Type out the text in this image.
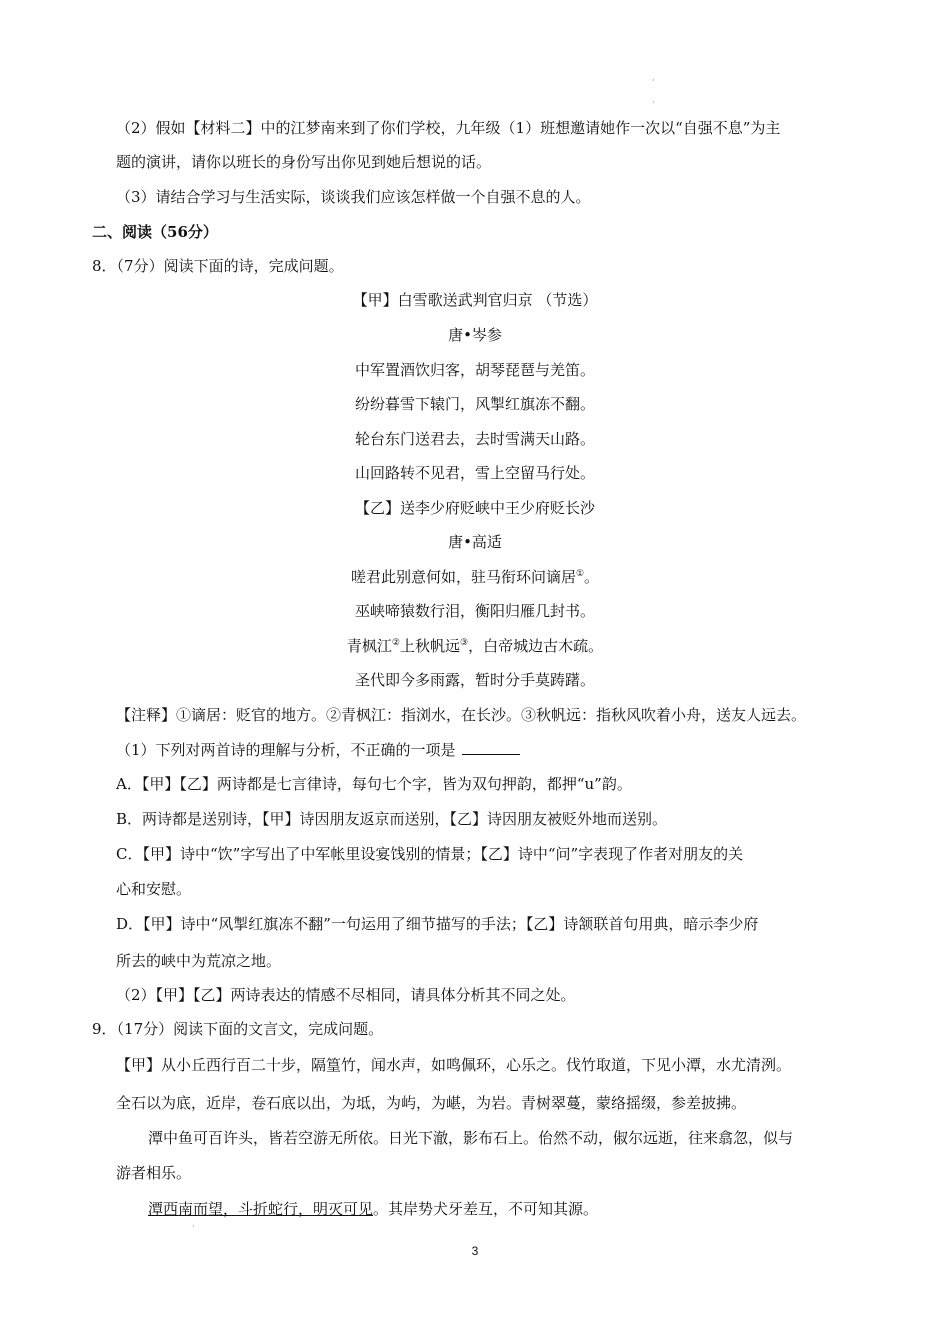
·
·
（2）假如【材料二】中的江梦南来到了你们学校，九年级（1）班想邀请她作一次以“自强不息”为主
题的演讲，请你以班长的身份写出你见到她后想说的话。
（3）请结合学习与生活实际，谈谈我们应该怎样做一个自强不息的人。
二、阅读（56分）
8．（7分）阅读下面的诗，完成问题。
【甲】白雪歌送武判官归京 （节选）
唐•岑参
中军置酒饮归客，胡琴琵琶与羌笛。
纷纷暮雪下辕门，风掣红旗冻不翻。
轮台东门送君去，去时雪满天山路。
山回路转不见君，雪上空留马行处。
【乙】送李少府贬峡中王少府贬长沙
唐•高适
嗟君此别意何如，驻马衔环问谪居①。
巫峡啼猿数行泪，衡阳归雁几封书。
青枫江②上秋帆远③，白帝城边古木疏。
圣代即今多雨露，暂时分手莫踌躇。
【注释】①谪居：贬官的地方。②青枫江：指浏水，在长沙。③秋帆远：指秋风吹着小舟，送友人远去。
（1）下列对两首诗的理解与分析，不正确的一项是
A．【甲】【乙】两诗都是七言律诗，每句七个字，皆为双句押韵，都押“u”韵。
B．两诗都是送别诗，【甲】诗因朋友返京而送别，【乙】诗因朋友被贬外地而送别。
C．【甲】诗中“饮”字写出了中军帐里设宴饯别的情景；【乙】诗中“问”字表现了作者对朋友的关
心和安慰。
D．【甲】诗中“风掣红旗冻不翻”一句运用了细节描写的手法；【乙】诗颔联首句用典，暗示李少府
所去的峡中为荒凉之地。
（2）【甲】【乙】两诗表达的情感不尽相同，请具体分析其不同之处。
9．（17分）阅读下面的文言文，完成问题。
【甲】从小丘西行百二十步，隔篁竹，闻水声，如鸣佩环，心乐之。伐竹取道，下见小潭，水尤清洌。
全石以为底，近岸，卷石底以出，为坻，为屿，为嵁，为岩。青树翠蔓，蒙络摇缀，参差披拂。
潭中鱼可百许头，皆若空游无所依。日光下澈，影布石上。佁然不动，俶尔远逝，往来翕忽，似与
游者相乐。
潭西南而望，斗折蛇行，明灭可见。其岸势犬牙差互，不可知其源。
·
3
